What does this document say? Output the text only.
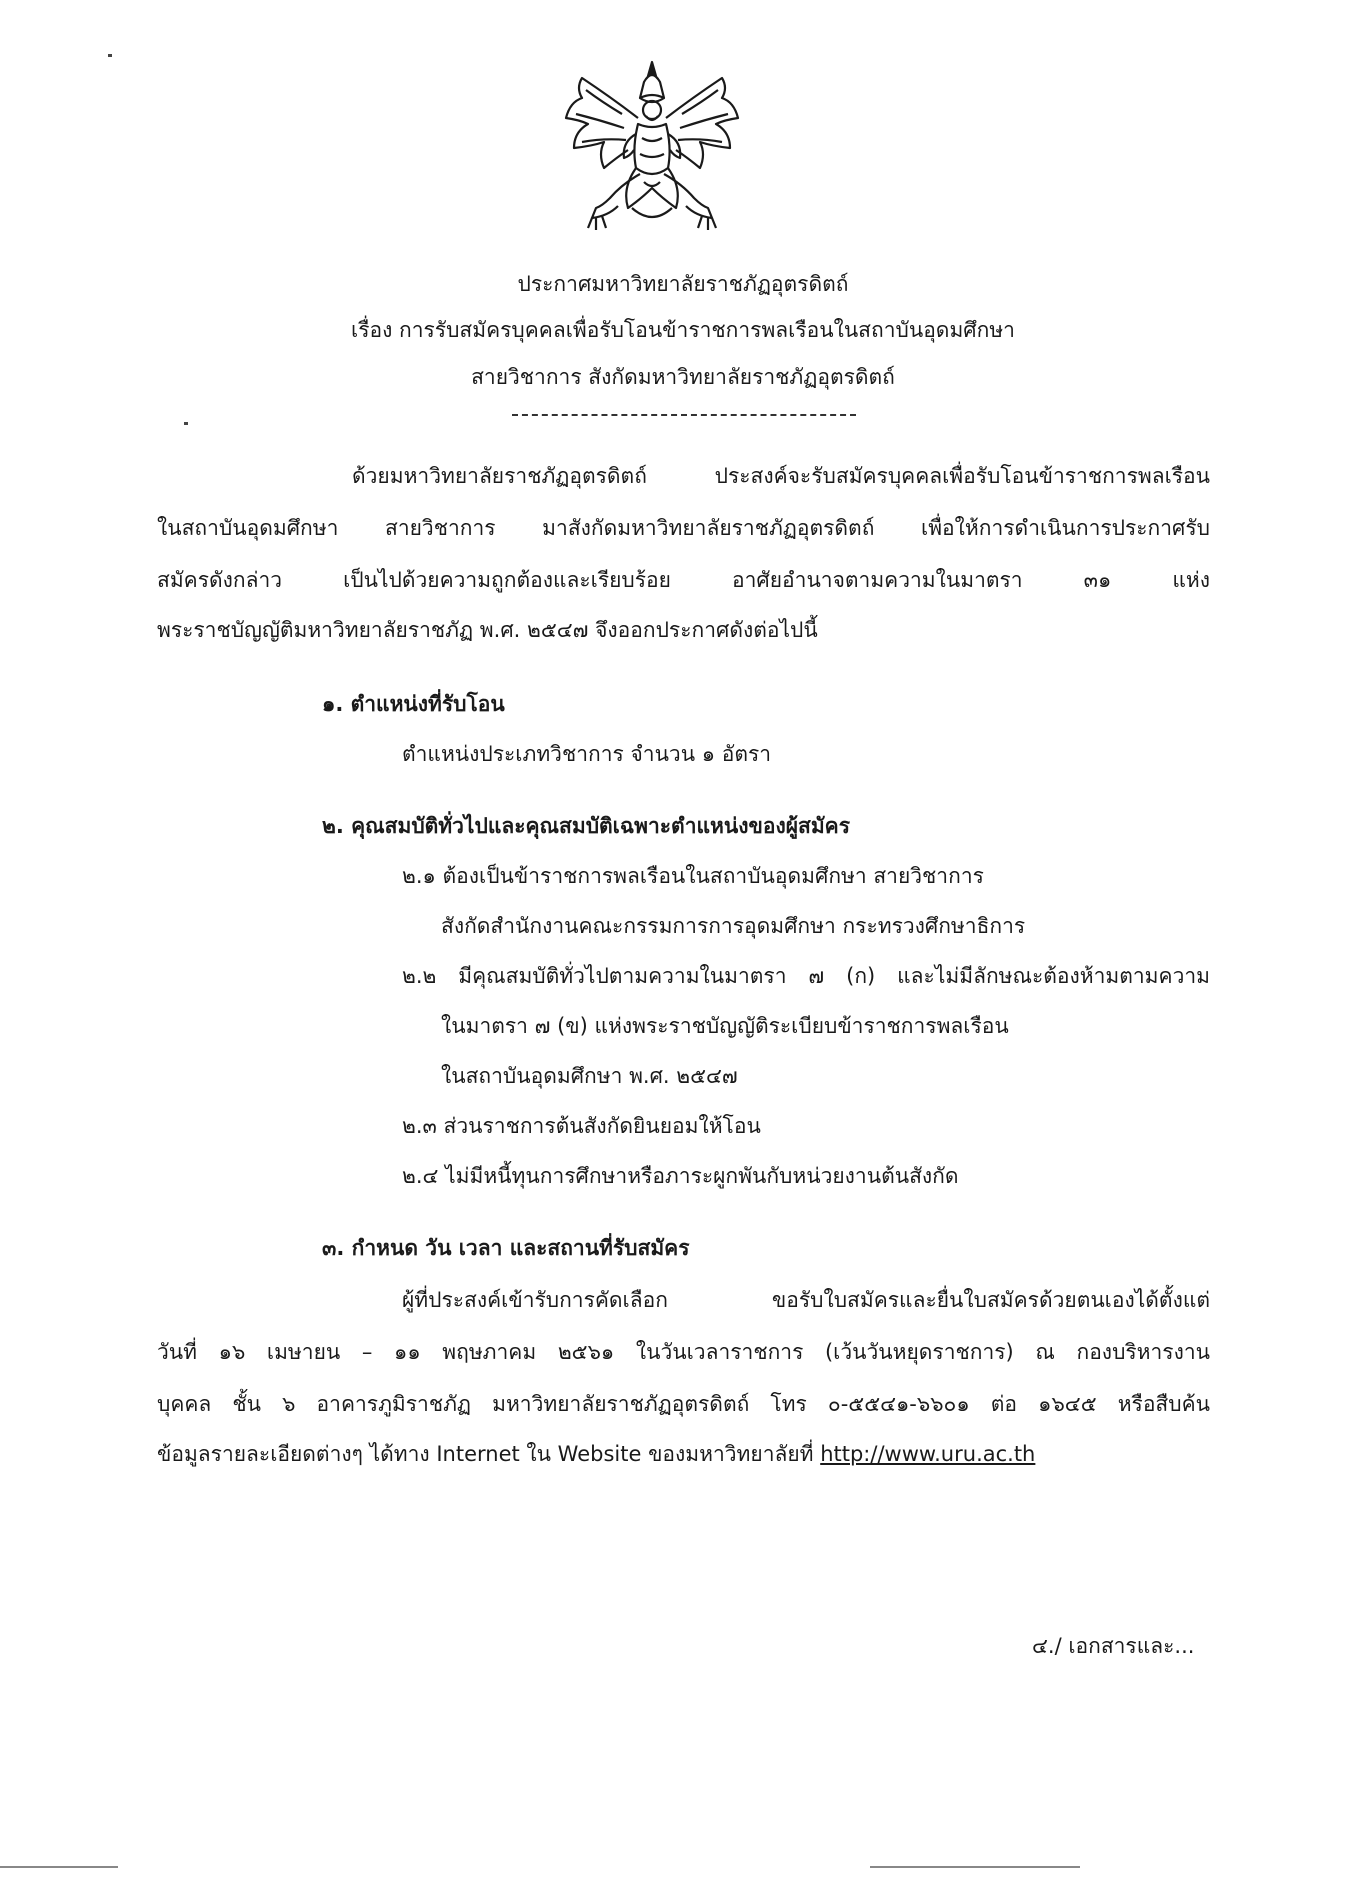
ประกาศมหาวิทยาลัยราชภัฏอุตรดิตถ์
เรื่อง การรับสมัครบุคคลเพื่อรับโอนข้าราชการพลเรือนในสถาบันอุดมศึกษา
สายวิชาการ สังกัดมหาวิทยาลัยราชภัฏอุตรดิตถ์
ด้วยมหาวิทยาลัยราชภัฏอุตรดิตถ์ ประสงค์จะรับสมัครบุคคลเพื่อรับโอนข้าราชการพลเรือน
ในสถาบันอุดมศึกษา สายวิชาการ มาสังกัดมหาวิทยาลัยราชภัฏอุตรดิตถ์ เพื่อให้การดำเนินการประกาศรับ
สมัครดังกล่าว เป็นไปด้วยความถูกต้องและเรียบร้อย อาศัยอำนาจตามความในมาตรา ๓๑ แห่ง
พระราชบัญญัติมหาวิทยาลัยราชภัฏ พ.ศ. ๒๕๔๗ จึงออกประกาศดังต่อไปนี้
๑. ตำแหน่งที่รับโอน
ตำแหน่งประเภทวิชาการ จำนวน ๑ อัตรา
๒. คุณสมบัติทั่วไปและคุณสมบัติเฉพาะตำแหน่งของผู้สมัคร
๒.๑ ต้องเป็นข้าราชการพลเรือนในสถาบันอุดมศึกษา สายวิชาการ
สังกัดสำนักงานคณะกรรมการการอุดมศึกษา กระทรวงศึกษาธิการ
๒.๒ มีคุณสมบัติทั่วไปตามความในมาตรา ๗ (ก) และไม่มีลักษณะต้องห้ามตามความ
ในมาตรา ๗ (ข) แห่งพระราชบัญญัติระเบียบข้าราชการพลเรือน
ในสถาบันอุดมศึกษา พ.ศ. ๒๕๔๗
๒.๓ ส่วนราชการต้นสังกัดยินยอมให้โอน
๒.๔ ไม่มีหนี้ทุนการศึกษาหรือภาระผูกพันกับหน่วยงานต้นสังกัด
๓. กำหนด วัน เวลา และสถานที่รับสมัคร
ผู้ที่ประสงค์เข้ารับการคัดเลือก ขอรับใบสมัครและยื่นใบสมัครด้วยตนเองได้ตั้งแต่
วันที่ ๑๖ เมษายน – ๑๑ พฤษภาคม ๒๕๖๑ ในวันเวลาราชการ (เว้นวันหยุดราชการ) ณ กองบริหารงาน
บุคคล ชั้น ๖ อาคารภูมิราชภัฏ มหาวิทยาลัยราชภัฏอุตรดิตถ์ โทร ๐-๕๕๔๑-๖๖๐๑ ต่อ ๑๖๔๕ หรือสืบค้น
ข้อมูลรายละเอียดต่างๆ ได้ทาง Internet ใน Website ของมหาวิทยาลัยที่ http://www.uru.ac.th
๔./ เอกสารและ...
